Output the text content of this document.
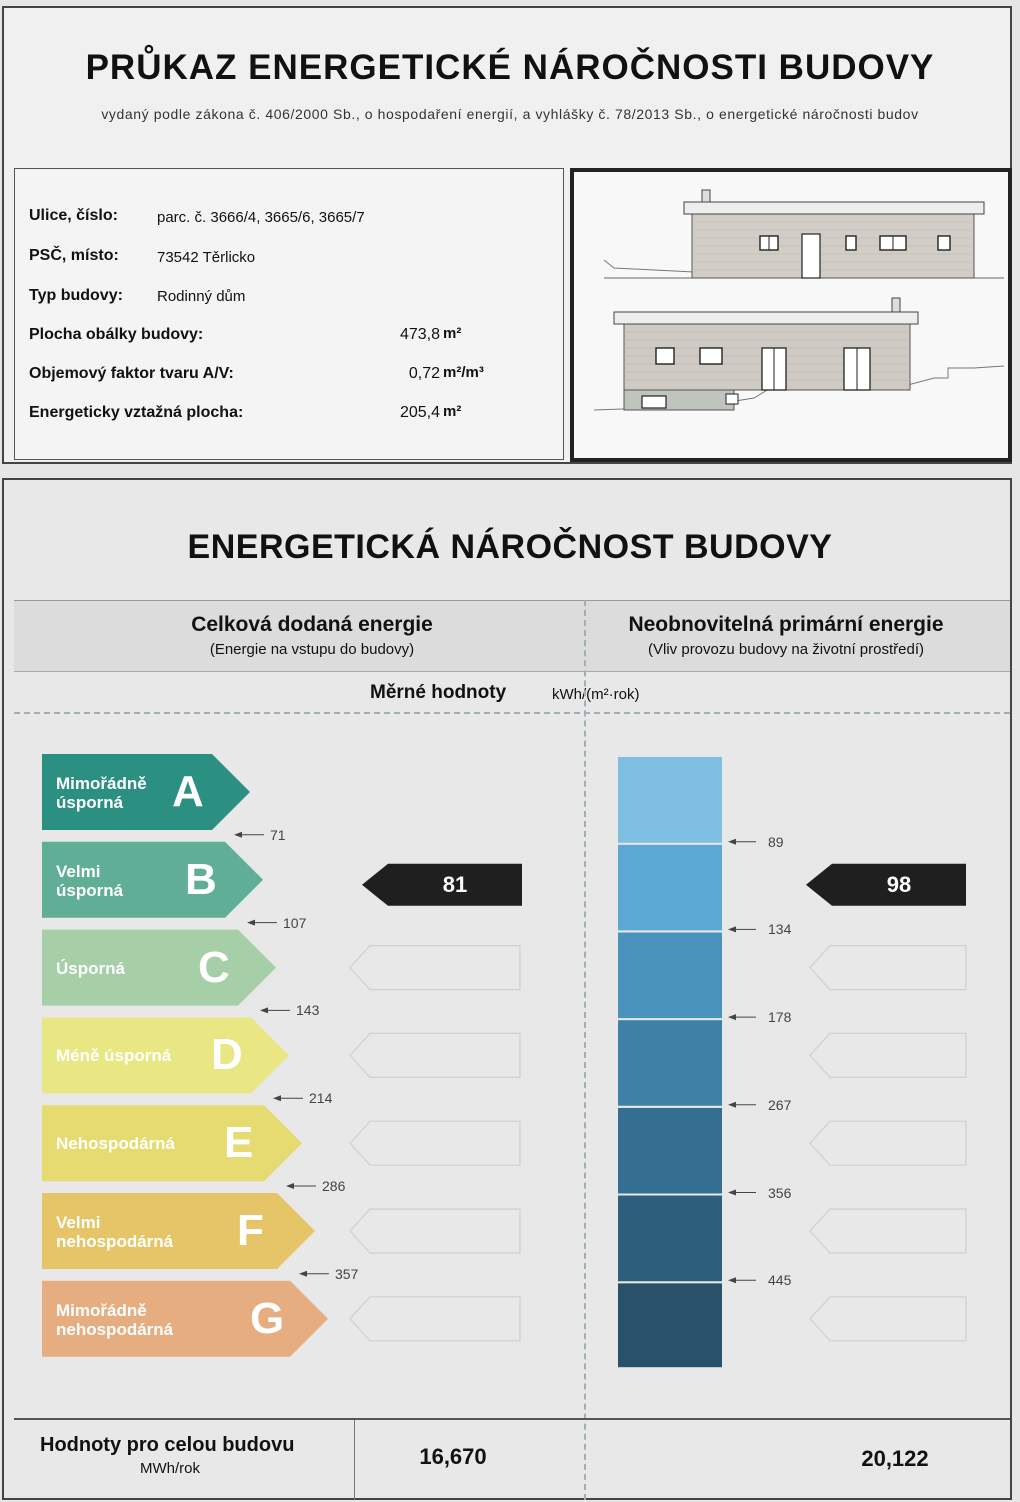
PRŮKAZ ENERGETICKÉ NÁROČNOSTI BUDOVY
vydaný podle zákona č. 406/2000 Sb., o hospodaření energií, a vyhlášky č. 78/2013 Sb., o energetické náročnosti budov
Ulice, číslo:	parc. č. 3666/4, 3665/6, 3665/7
PSČ, místo:	73542 Těrlicko
Typ budovy: Rodinný dům
Plocha obálky budovy:	473,8 m²
Objemový faktor tvaru A/V:	0,72 m²/m³
Energeticky vztažná plocha:	205,4 m²
ENERGETICKÁ NÁROČNOST BUDOVY
Celková dodaná energie
(Energie na vstupu do budovy)
Neobnovitelná primární energie
(Vliv provozu budovy na životní prostředí)
Měrné hodnoty	kWh/(m²·rok)
Mimořádně
úsporná	A
Velmi
úsporná B
Úsporná C
Méně úsporná D
Nehospodárná E
Velmi
nehospodárná F
Mimořádně
nehospodárná G
71
107
143
214
286
357
89
134
178
267
356
445
81	98
Hodnoty pro celou budovu
MWh/rok	16,670	20,122
